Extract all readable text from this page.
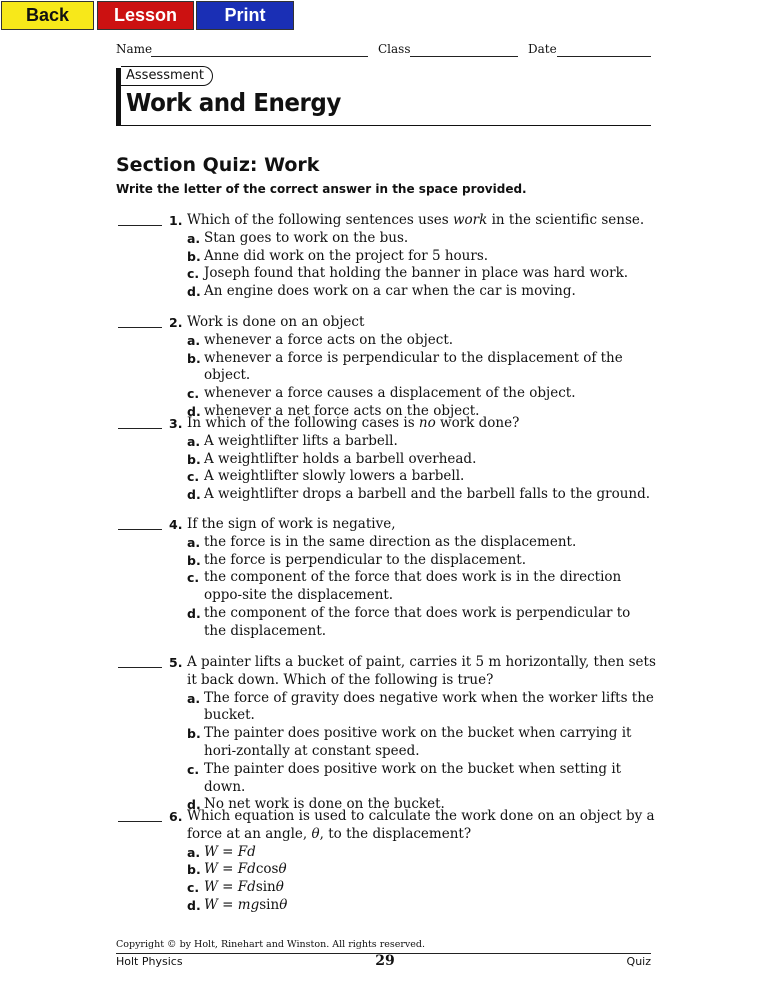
Back	Lesson	Print
Name	Class	Date
Assessment
Work and Energy
Section Quiz: Work
Write the letter of the correct answer in the space provided.
1. Which of the following sentences uses work in the scientific sense.
a. Stan goes to work on the bus.
b. Anne did work on the project for 5 hours.
c. Joseph found that holding the banner in place was hard work.
d. An engine does work on a car when the car is moving.
2. Work is done on an object
a. whenever a force acts on the object.
b. whenever a force is perpendicular to the displacement of the object.
c. whenever a force causes a displacement of the object.
d. whenever a net force acts on the object.
3. In which of the following cases is no work done?
a. A weightlifter lifts a barbell.
b. A weightlifter holds a barbell overhead.
c. A weightlifter slowly lowers a barbell.
d. A weightlifter drops a barbell and the barbell falls to the ground.
4. If the sign of work is negative,
a. the force is in the same direction as the displacement.
b. the force is perpendicular to the displacement.
c. the component of the force that does work is in the direction oppo-site the displacement.
d. the component of the force that does work is perpendicular to the displacement.
5. A painter lifts a bucket of paint, carries it 5 m horizontally, then sets it back down. Which of the following is true?
a. The force of gravity does negative work when the worker lifts the bucket.
b. The painter does positive work on the bucket when carrying it hori-zontally at constant speed.
c. The painter does positive work on the bucket when setting it down.
d. No net work is done on the bucket.
6. Which equation is used to calculate the work done on an object by a force at an angle, θ, to the displacement?
a. W = Fd
b. W = Fdcosθ
c. W = Fdsinθ
d. W = mgsinθ
Copyright © by Holt, Rinehart and Winston. All rights reserved.
Holt Physics	29	Quiz
